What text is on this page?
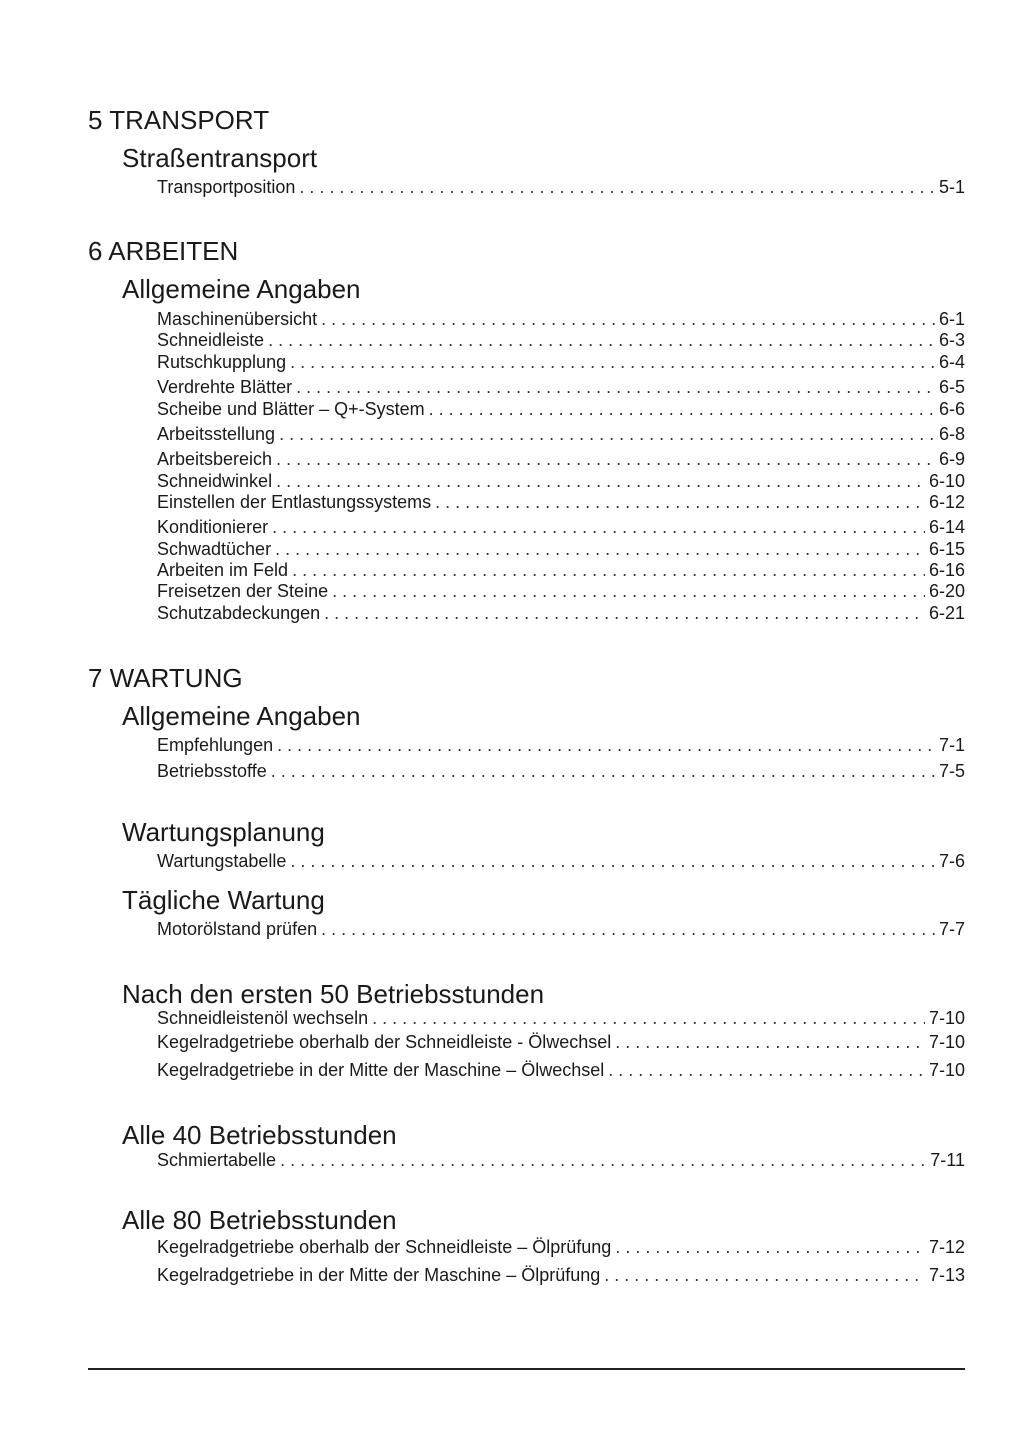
5 TRANSPORT
Straßentransport
Transportposition . . .	5-1
6 ARBEITEN
Allgemeine Angaben
Maschinenübersicht . . .	6-1
Schneidleiste . . .	6-3
Rutschkupplung . . .	6-4
Verdrehte Blätter . . .	6-5
Scheibe und Blätter – Q+-System . . .	6-6
Arbeitsstellung . . .	6-8
Arbeitsbereich . . .	6-9
Schneidwinkel . . .	6-10
Einstellen der Entlastungssystems . . .	6-12
Konditionierer . . .	6-14
Schwadtücher . . .	6-15
Arbeiten im Feld . . .	6-16
Freisetzen der Steine . . .	6-20
Schutzabdeckungen . . .	6-21
7 WARTUNG
Allgemeine Angaben
Empfehlungen . . .	7-1
Betriebsstoffe . . .	7-5
Wartungsplanung
Wartungstabelle . . .	7-6
Tägliche Wartung
Motorölstand prüfen . . .	7-7
Nach den ersten 50 Betriebsstunden
Schneidleistenöl wechseln . . .	7-10
Kegelradgetriebe oberhalb der Schneidleiste - Ölwechsel . . .	7-10
Kegelradgetriebe in der Mitte der Maschine – Ölwechsel . . .	7-10
Alle 40 Betriebsstunden
Schmiertabelle . . .	7-11
Alle 80 Betriebsstunden
Kegelradgetriebe oberhalb der Schneidleiste – Ölprüfung . . .	7-12
Kegelradgetriebe in der Mitte der Maschine – Ölprüfung . . .	7-13
